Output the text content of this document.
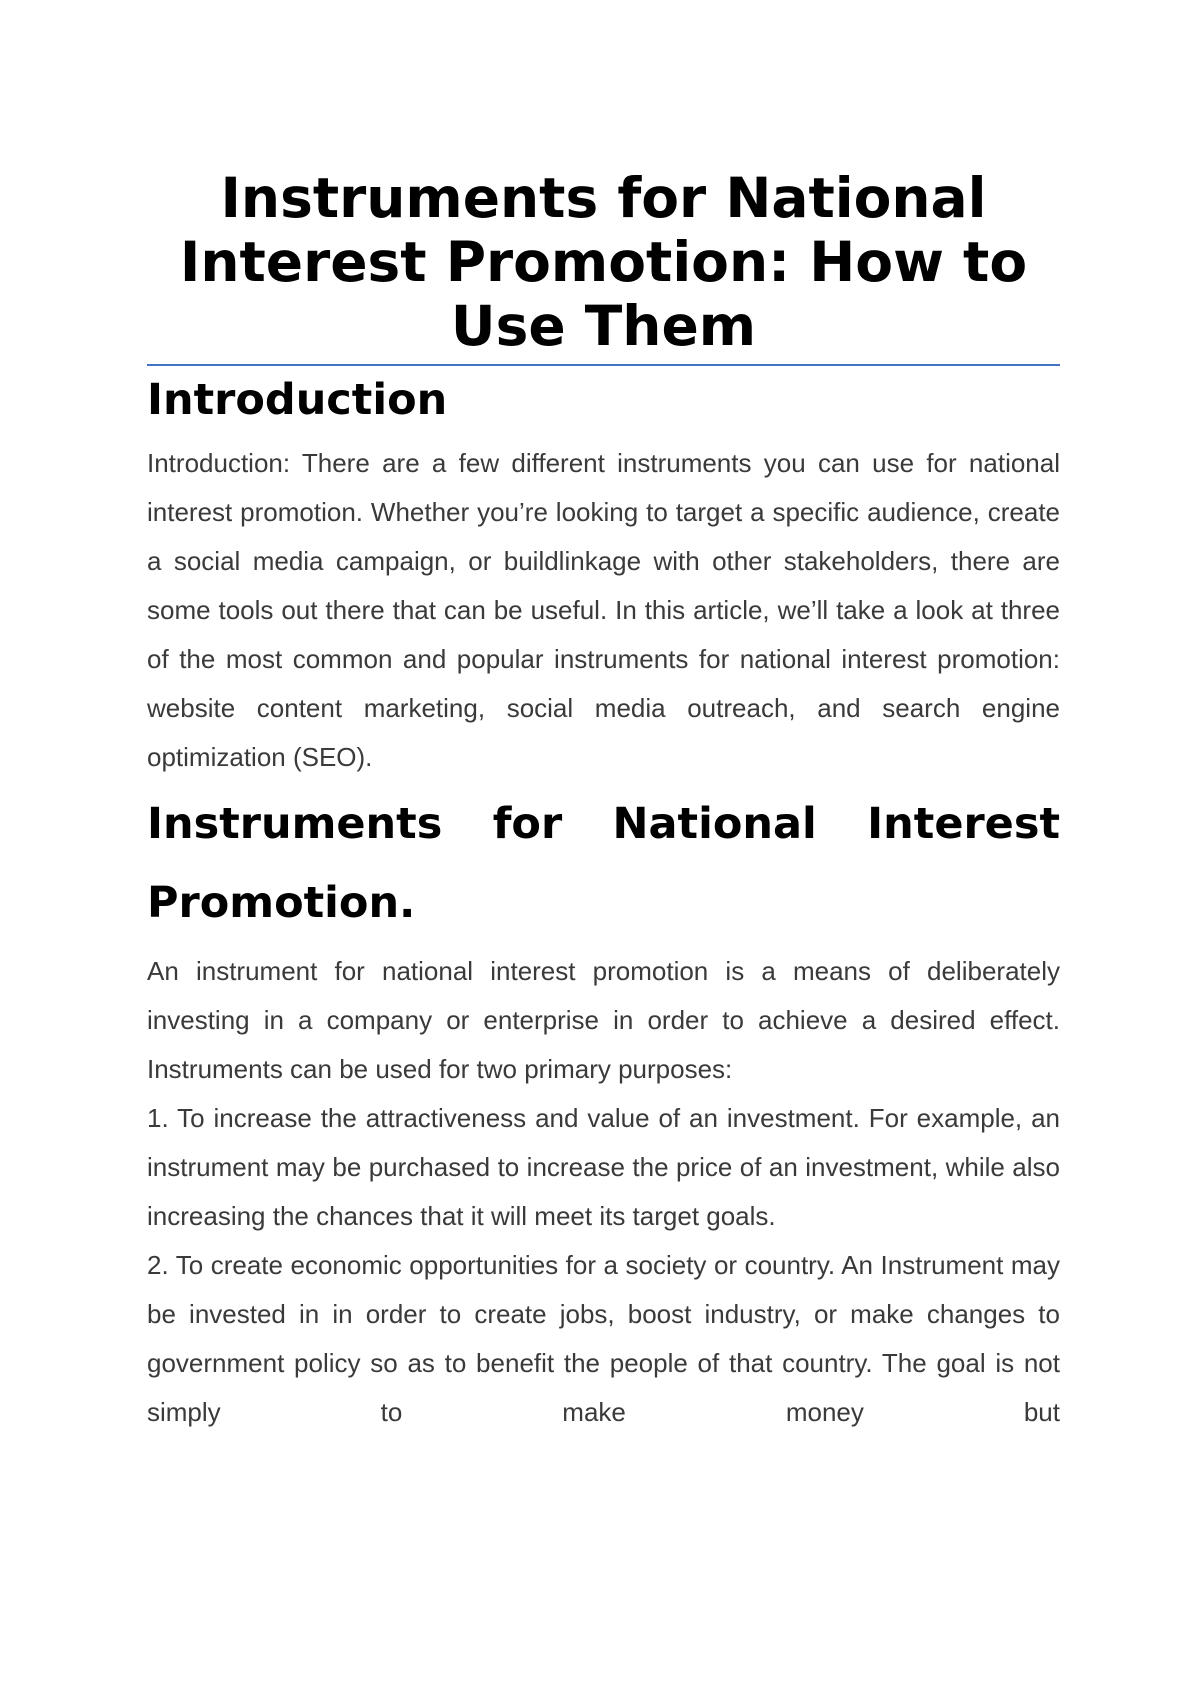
Instruments for National Interest Promotion: How to Use Them
Introduction

Introduction: There are a few different instruments you can use for national interest promotion. Whether you’re looking to target a specific audience, create a social media campaign, or buildlinkage with other stakeholders, there are some tools out there that can be useful. In this article, we’ll take a look at three of the most common and popular instruments for national interest promotion: website content marketing, social media outreach, and search engine optimization (SEO).

Instruments for National Interest Promotion.

An instrument for national interest promotion is a means of deliberately investing in a company or enterprise in order to achieve a desired effect. Instruments can be used for two primary purposes:

1. To increase the attractiveness and value of an investment. For example, an instrument may be purchased to increase the price of an investment, while also increasing the chances that it will meet its target goals.

2. To create economic opportunities for a society or country. An Instrument may be invested in in order to create jobs, boost industry, or make changes to government policy so as to benefit the people of that country. The goal is not simply to make money but
